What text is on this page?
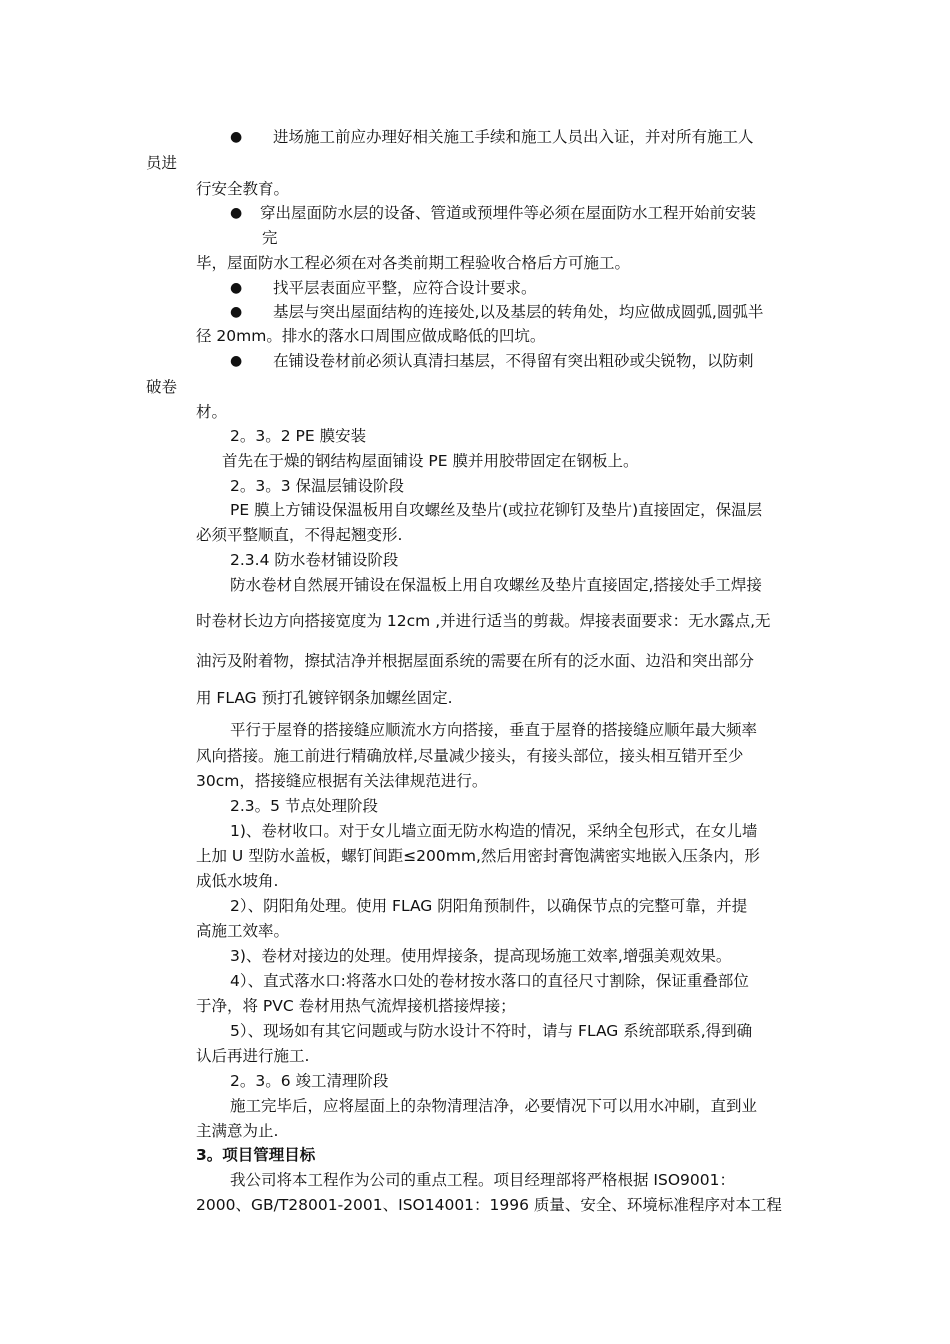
● 进场施工前应办理好相关施工手续和施工人员出入证，并对所有施工人
员进
行安全教育。
● 穿出屋面防水层的设备、管道或预埋件等必须在屋面防水工程开始前安装
完
毕，屋面防水工程必须在对各类前期工程验收合格后方可施工。
● 找平层表面应平整，应符合设计要求。
● 基层与突出屋面结构的连接处,以及基层的转角处，均应做成圆弧,圆弧半
径 20mm。排水的落水口周围应做成略低的凹坑。
● 在铺设卷材前必须认真清扫基层，不得留有突出粗砂或尖锐物，以防刺
破卷
材。
2。3。2 PE 膜安装
首先在于燥的钢结构屋面铺设 PE 膜并用胶带固定在钢板上。
2。3。3 保温层铺设阶段
PE 膜上方铺设保温板用自攻螺丝及垫片(或拉花铆钉及垫片)直接固定，保温层
必须平整顺直，不得起翘变形.
2.3.4 防水卷材铺设阶段
防水卷材自然展开铺设在保温板上用自攻螺丝及垫片直接固定,搭接处手工焊接
时卷材长边方向搭接宽度为 12cm ,并进行适当的剪裁。焊接表面要求：无水露点,无
油污及附着物，擦拭洁净并根据屋面系统的需要在所有的泛水面、边沿和突出部分
用 FLAG 预打孔镀锌钢条加螺丝固定.
平行于屋脊的搭接缝应顺流水方向搭接，垂直于屋脊的搭接缝应顺年最大频率
风向搭接。施工前进行精确放样,尽量减少接头，有接头部位，接头相互错开至少
30cm，搭接缝应根据有关法律规范进行。
2.3。5 节点处理阶段
1)、卷材收口。对于女儿墙立面无防水构造的情况，采纳全包形式，在女儿墙
上加 U 型防水盖板，螺钉间距≤200mm,然后用密封膏饱满密实地嵌入压条内，形
成低水坡角.
2）、阴阳角处理。使用 FLAG 阴阳角预制件，以确保节点的完整可靠，并提
高施工效率。
3)、卷材对接边的处理。使用焊接条，提高现场施工效率,增强美观效果。
4）、直式落水口:将落水口处的卷材按水落口的直径尺寸割除，保证重叠部位
于净，将 PVC 卷材用热气流焊接机搭接焊接；
5）、现场如有其它问题或与防水设计不符时，请与 FLAG 系统部联系,得到确
认后再进行施工.
2。3。6 竣工清理阶段
施工完毕后，应将屋面上的杂物清理洁净，必要情况下可以用水冲刷，直到业
主满意为止.
3。项目管理目标
我公司将本工程作为公司的重点工程。项目经理部将严格根据 ISO9001：
2000、GB/T28001-2001、ISO14001：1996 质量、安全、环境标准程序对本工程
